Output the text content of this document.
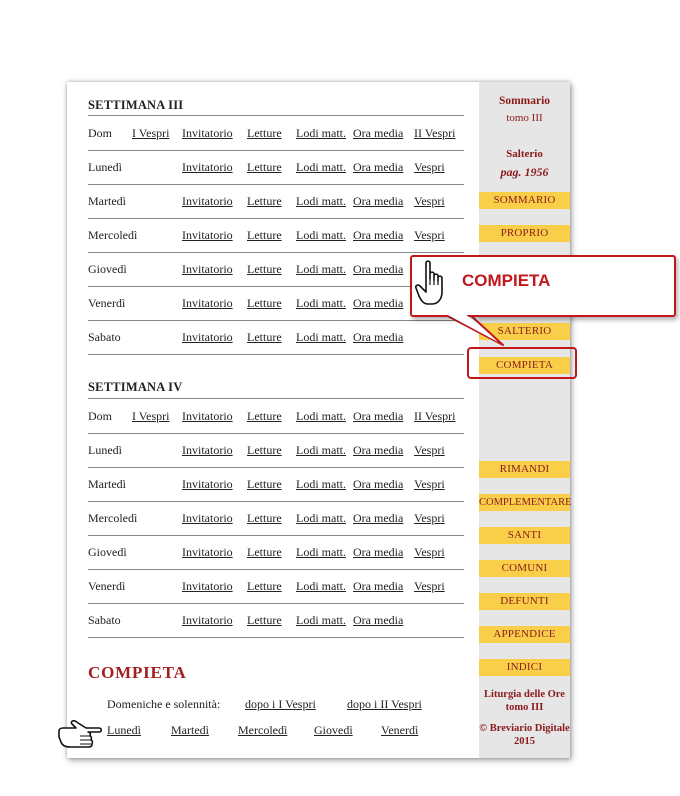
SETTIMANA III
Dom I Vespri Invitatorio Letture Lodi matt. Ora media II Vespri
Lunedì	Invitatorio Letture Lodi matt. Ora media Vespri
Martedì	Invitatorio Letture Lodi matt. Ora media Vespri
Mercoledì	Invitatorio Letture Lodi matt. Ora media Vespri
Giovedì	Invitatorio Letture Lodi matt. Ora media
Venerdì	Invitatorio Letture Lodi matt. Ora media
Sabato	Invitatorio Letture Lodi matt. Ora media
SETTIMANA IV
Dom I Vespri Invitatorio Letture Lodi matt. Ora media II Vespri
Lunedì	Invitatorio Letture Lodi matt. Ora media Vespri
Martedì	Invitatorio Letture Lodi matt. Ora media Vespri
Mercoledì	Invitatorio Letture Lodi matt. Ora media Vespri
Giovedì	Invitatorio Letture Lodi matt. Ora media Vespri
Venerdì	Invitatorio Letture Lodi matt. Ora media Vespri
Sabato	Invitatorio Letture Lodi matt. Ora media
COMPIETA
Domeniche e solennità: dopo i I Vespri	dopo i II Vespri
Lunedì	Martedì Mercoledì Giovedì Venerdì
Sommario
tomo III
Salterio
pag. 1956
SOMMARIO
PROPRIO
SALTERIO
COMPIETA
RIMANDI
COMPLEMENTARE
SANTI
COMUNI
DEFUNTI
APPENDICE
INDICI
Liturgia delle Ore
tomo III
© Breviario Digitale
2015
COMPIETA
